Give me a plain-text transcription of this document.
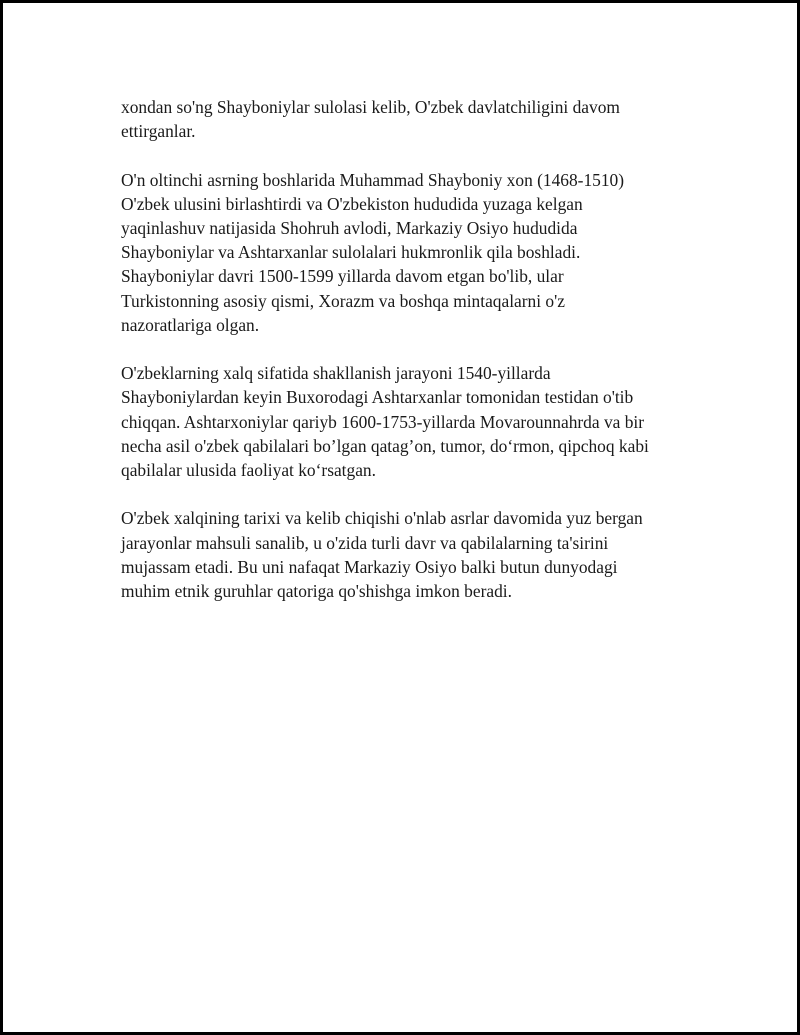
xondan so'ng Shayboniylar sulolasi kelib, O'zbek davlatchiligini davom
ettirganlar.

O'n oltinchi asrning boshlarida Muhammad Shayboniy xon (1468-1510)
O'zbek ulusini birlashtirdi va O'zbekiston hududida yuzaga kelgan
yaqinlashuv natijasida Shohruh avlodi, Markaziy Osiyo hududida
Shayboniylar va Ashtarxanlar sulolalari hukmronlik qila boshladi.
Shayboniylar davri 1500-1599 yillarda davom etgan bo'lib, ular
Turkistonning asosiy qismi, Xorazm va boshqa mintaqalarni o'z
nazoratlariga olgan.

O'zbeklarning xalq sifatida shakllanish jarayoni 1540-yillarda
Shayboniylardan keyin Buxorodagi Ashtarxanlar tomonidan testidan o'tib
chiqqan. Ashtarxoniylar qariyb 1600-1753-yillarda Movarounnahrda va bir
necha asil o'zbek qabilalari bo’lgan qatag’on, tumor, do‘rmon, qipchoq kabi
qabilalar ulusida faoliyat ko‘rsatgan.

O'zbek xalqining tarixi va kelib chiqishi o'nlab asrlar davomida yuz bergan
jarayonlar mahsuli sanalib, u o'zida turli davr va qabilalarning ta'sirini
mujassam etadi. Bu uni nafaqat Markaziy Osiyo balki butun dunyodagi
muhim etnik guruhlar qatoriga qo'shishga imkon beradi.
